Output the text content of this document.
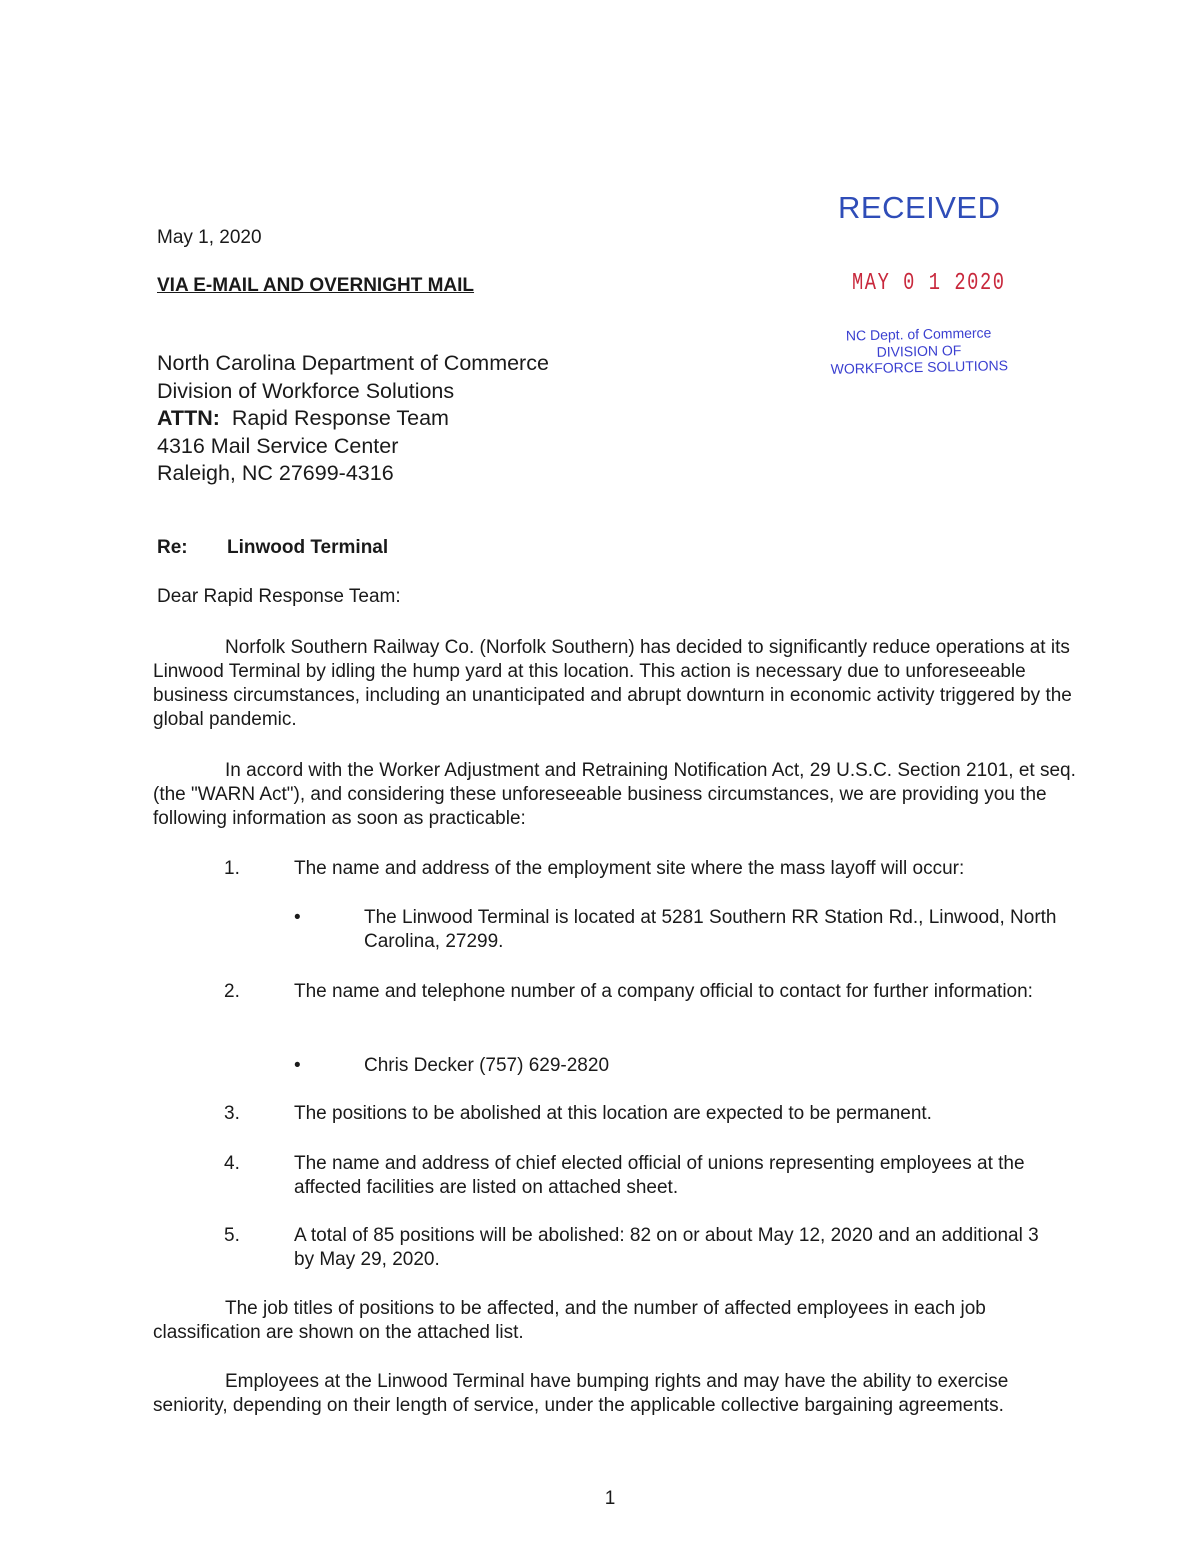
RECEIVED
MAY 0 1 2020
NC Dept. of Commerce
DIVISION OF
WORKFORCE SOLUTIONS
May 1, 2020
VIA E-MAIL AND OVERNIGHT MAIL
North Carolina Department of Commerce
Division of Workforce Solutions
ATTN: Rapid Response Team
4316 Mail Service Center
Raleigh, NC 27699-4316
Re: Linwood Terminal
Dear Rapid Response Team:

Norfolk Southern Railway Co. (Norfolk Southern) has decided to significantly reduce operations at its Linwood Terminal by idling the hump yard at this location. This action is necessary due to unforeseeable business circumstances, including an unanticipated and abrupt downturn in economic activity triggered by the global pandemic.

In accord with the Worker Adjustment and Retraining Notification Act, 29 U.S.C. Section 2101, et seq. (the "WARN Act"), and considering these unforeseeable business circumstances, we are providing you the following information as soon as practicable:

1.	The name and address of the employment site where the mass layoff will occur:
•	The Linwood Terminal is located at 5281 Southern RR Station Rd., Linwood, North Carolina, 27299.
2.	The name and telephone number of a company official to contact for further information:
•	Chris Decker (757) 629-2820
3.	The positions to be abolished at this location are expected to be permanent.
4.	The name and address of chief elected official of unions representing employees at the affected facilities are listed on attached sheet.
5.	A total of 85 positions will be abolished: 82 on or about May 12, 2020 and an additional 3 by May 29, 2020.

The job titles of positions to be affected, and the number of affected employees in each job classification are shown on the attached list.

Employees at the Linwood Terminal have bumping rights and may have the ability to exercise seniority, depending on their length of service, under the applicable collective bargaining agreements.

1
